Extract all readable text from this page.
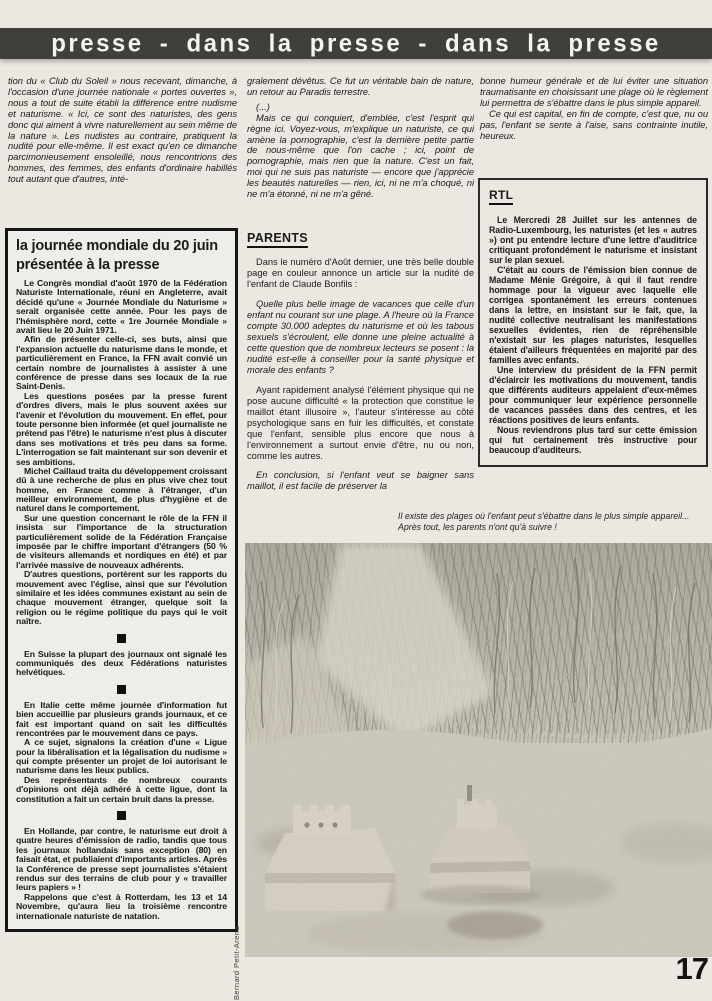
presse - dans la presse - dans la presse

tion du « Club du Soleil » nous recevant, dimanche, à l'occasion d'une journée nationale « portes ouvertes », nous a tout de suite établi la différence entre nudisme et naturisme. « Ici, ce sont des naturistes, des gens donc qui aiment à vivre naturellement au sein même de la nature ». Les nudistes au contraire, pratiquent la nudité pour elle-même. Il est exact qu'en ce dimanche parcimonieusement ensoleillé, nous rencontrions des hommes, des femmes, des enfants d'ordinaire habillés tout autant que d'autres, inté-

la journée mondiale du 20 juin présentée à la presse

Le Congrès mondial d'août 1970 de la Fédération Naturiste Internationale, réuni en Angleterre, avait décidé qu'une « Journée Mondiale du Naturisme » serait organisée cette année. Pour les pays de l'hémisphère nord, cette « 1re Journée Mondiale » avait lieu le 20 Juin 1971.

Afin de présenter celle-ci, ses buts, ainsi que l'expansion actuelle du naturisme dans le monde, et particulièrement en France, la FFN avait convié un certain nombre de journalistes à assister à une conférence de presse dans ses locaux de la rue Saint-Denis.

Les questions posées par la presse furent d'ordres divers, mais le plus souvent axées sur l'avenir et l'évolution du mouvement. En effet, pour toute personne bien informée (et quel journaliste ne prétend pas l'être) le naturisme n'est plus à discuter dans ses motivations et très peu dans sa forme. L'interrogation se fait maintenant sur son devenir et ses ambitions.

Michel Caillaud traita du développement croissant dû à une recherche de plus en plus vive chez tout homme, en France comme à l'étranger, d'un meilleur environnement, de plus d'hygiène et de naturel dans le comportement.

Sur une question concernant le rôle de la FFN il insista sur l'importance de la structuration particulièrement solide de la Fédération Française imposée par le chiffre important d'étrangers (50 % de visiteurs allemands et nordiques en été) et par l'arrivée massive de nouveaux adhérents.

D'autres questions, portèrent sur les rapports du mouvement avec l'église, ainsi que sur l'évolution similaire et les idées communes existant au sein de chaque mouvement étranger, quelque soit la religion ou le régime politique du pays qui le voit naître.

En Suisse la plupart des journaux ont signalé les communiqués des deux Fédérations naturistes helvétiques.

En Italie cette même journée d'information fut bien accueillie par plusieurs grands journaux, et ce fait est important quand on sait les difficultés rencontrées par le mouvement dans ce pays.

A ce sujet, signalons la création d'une « Ligue pour la libéralisation et la légalisation du nudisme » qui compte présenter un projet de loi autorisant le naturisme dans les lieux publics.

Des représentants de nombreux courants d'opinions ont déjà adhéré à cette ligue, dont la constitution a fait un certain bruit dans la presse.

En Hollande, par contre, le naturisme eut droit à quatre heures d'émission de radio, tandis que tous les journaux hollandais sans exception (80) en faisait état, et publiaient d'importants articles. Après la Conférence de presse sept journalistes s'étaient rendus sur des terrains de club pour y « travailler leurs papiers » !

Rappelons que c'est à Rotterdam, les 13 et 14 Novembre, qu'aura lieu la troisième rencontre internationale naturiste de natation.

gralement dévêtus. Ce fut un véritable bain de nature, un retour au Paradis terrestre.

(...)

Mais ce qui conquiert, d'emblée, c'est l'esprit qui règne ici. Voyez-vous, m'explique un naturiste, ce qui amène la pornographie, c'est la dernière petite partie de nous-même que l'on cache ; ici, point de pornographie, mais rien que la nature. C'est un fait, moi qui ne suis pas naturiste — encore que j'apprécie les beautés naturelles — rien, ici, ni ne m'a choqué, ni ne m'a étonné, ni ne m'a gêné.

PARENTS

Dans le numéro d'Août dernier, une très belle double page en couleur annonce un article sur la nudité de l'enfant de Claude Bonfils :

Quelle plus belle image de vacances que celle d'un enfant nu courant sur une plage. A l'heure où la France compte 30.000 adeptes du naturisme et où les tabous sexuels s'écroulent, elle donne une pleine actualité à cette question que de nombreux lecteurs se posent : la nudité est-elle à conseiller pour la santé physique et morale des enfants ?

Ayant rapidement analysé l'élément physique qui ne pose aucune difficulté « la protection que constitue le maillot étant illusoire », l'auteur s'intéresse au côté psychologique sans en fuir les difficultés, et constate que l'enfant, sensible plus encore que nous à l'environnement a surtout envie d'être, nu ou non, comme les autres.

En conclusion, si l'enfant veut se baigner sans maillot, il est facile de préserver la

bonne humeur générale et de lui éviter une situation traumatisante en choisissant une plage où le règlement lui permettra de s'ébattre dans le plus simple appareil.

Ce qui est capital, en fin de compte, c'est que, nu ou pas, l'enfant se sente à l'aise, sans contrainte inutile, heureux.

RTL

Le Mercredi 28 Juillet sur les antennes de Radio-Luxembourg, les naturistes (et les « autres ») ont pu entendre lecture d'une lettre d'auditrice critiquant profondément le naturisme et insistant sur le plan sexuel.

C'était au cours de l'émission bien connue de Madame Ménie Grégoire, à qui il faut rendre hommage pour la vigueur avec laquelle elle corrigea spontanément les erreurs contenues dans la lettre, en insistant sur le fait, que, la nudité collective neutralisant les manifestations sexuelles évidentes, rien de répréhensible n'existait sur les plages naturistes, lesquelles étaient d'ailleurs fréquentées en majorité par des familles avec enfants.

Une interview du président de la FFN permit d'éclaircir les motivations du mouvement, tandis que différents auditeurs appelaient d'eux-mêmes pour communiquer leur expérience personnelle de vacances passées dans des centres, et les réactions positives de leurs enfants.

Nous reviendrons plus tard sur cette émission qui fut certainement très instructive pour beaucoup d'auditeurs.

Il existe des plages où l'enfant peut s'ébattre dans le plus simple appareil...
Après tout, les parents n'ont qu'à suivre !
Bernard Petit-Arena	17
